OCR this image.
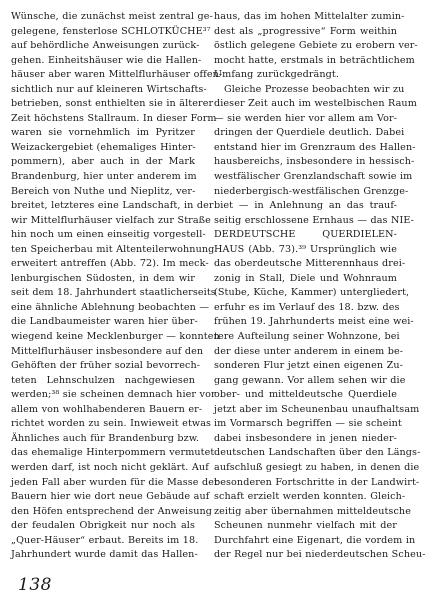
Wünsche, die zunächst meist zentral ge-
gelegene, fensterlose SCHLOTKÜCHE³⁷
auf behördliche Anweisungen zurück-
gehen. Einheitshäuser wie die Hallen-
häuser aber waren Mittelflurhäuser offen-
sichtlich nur auf kleineren Wirtschafts-
betrieben, sonst enthielten sie in älterer
Zeit höchstens Stallraum. In dieser Form
waren sie vornehmlich im Pyritzer
Weizackergebiet (ehemaliges Hinter-
pommern), aber auch in der Mark
Brandenburg, hier unter anderem im
Bereich von Nuthe und Nieplitz, ver-
breitet, letzteres eine Landschaft, in der
wir Mittelflurhäuser vielfach zur Straße
hin noch um einen einseitig vorgestell-
ten Speicherbau mit Altenteilerwohnung
erweitert antreffen (Abb. 72). Im meck-
lenburgischen Südosten, in dem wir
seit dem 18. Jahrhundert staatlicherseits
eine ähnliche Ablehnung beobachten —
die Landbaumeister waren hier über-
wiegend keine Mecklenburger — konnten
Mittelflurhäuser insbesondere auf den
Gehöften der früher sozial bevorrech-
teten Lehnschulzen nachgewiesen
werden;³⁸ sie scheinen demnach hier vor
allem von wohlhabenderen Bauern er-
richtet worden zu sein. Inwieweit etwas
Ähnliches auch für Brandenburg bzw.
das ehemalige Hinterpommern vermutet
werden darf, ist noch nicht geklärt. Auf
jeden Fall aber wurden für die Masse der
Bauern hier wie dort neue Gebäude auf
den Höfen entsprechend der Anweisung
der feudalen Obrigkeit nur noch als
„Quer-Häuser“ erbaut. Bereits im 18.
Jahrhundert wurde damit das Hallen-
haus, das im hohen Mittelalter zumin-
dest als „progressive“ Form weithin
östlich gelegene Gebiete zu erobern ver-
mocht hatte, erstmals in beträchtlichem
Umfang zurückgedrängt.
Gleiche Prozesse beobachten wir zu
dieser Zeit auch im westelbischen Raum
— sie werden hier vor allem am Vor-
dringen der Querdiele deutlich. Dabei
entstand hier im Grenzraum des Hallen-
hausbereichs, insbesondere in hessisch-
westfälischer Grenzlandschaft sowie im
niederbergisch-westfälischen Grenzge-
biet — in Anlehnung an das trauf-
seitig erschlossene Ernhaus — das NIE-
DERDEUTSCHE QUERDIELEN-
HAUS (Abb. 73).³⁹ Ursprünglich wie
das oberdeutsche Mitterennhaus drei-
zonig in Stall, Diele und Wohnraum
(Stube, Küche, Kammer) untergliedert,
erfuhr es im Verlauf des 18. bzw. des
frühen 19. Jahrhunderts meist eine wei-
tere Aufteilung seiner Wohnzone, bei
der diese unter anderem in einem be-
sonderen Flur jetzt einen eigenen Zu-
gang gewann. Vor allem sehen wir die
ober- und mitteldeutsche Querdiele
jetzt aber im Scheunenbau unaufhaltsam
im Vormarsch begriffen — sie scheint
dabei insbesondere in jenen nieder-
deutschen Landschaften über den Längs-
aufschluß gesiegt zu haben, in denen die
besonderen Fortschritte in der Landwirt-
schaft erzielt werden konnten. Gleich-
zeitig aber übernahmen mitteldeutsche
Scheunen nunmehr vielfach mit der
Durchfahrt eine Eigenart, die vordem in
der Regel nur bei niederdeutschen Scheu-
138
